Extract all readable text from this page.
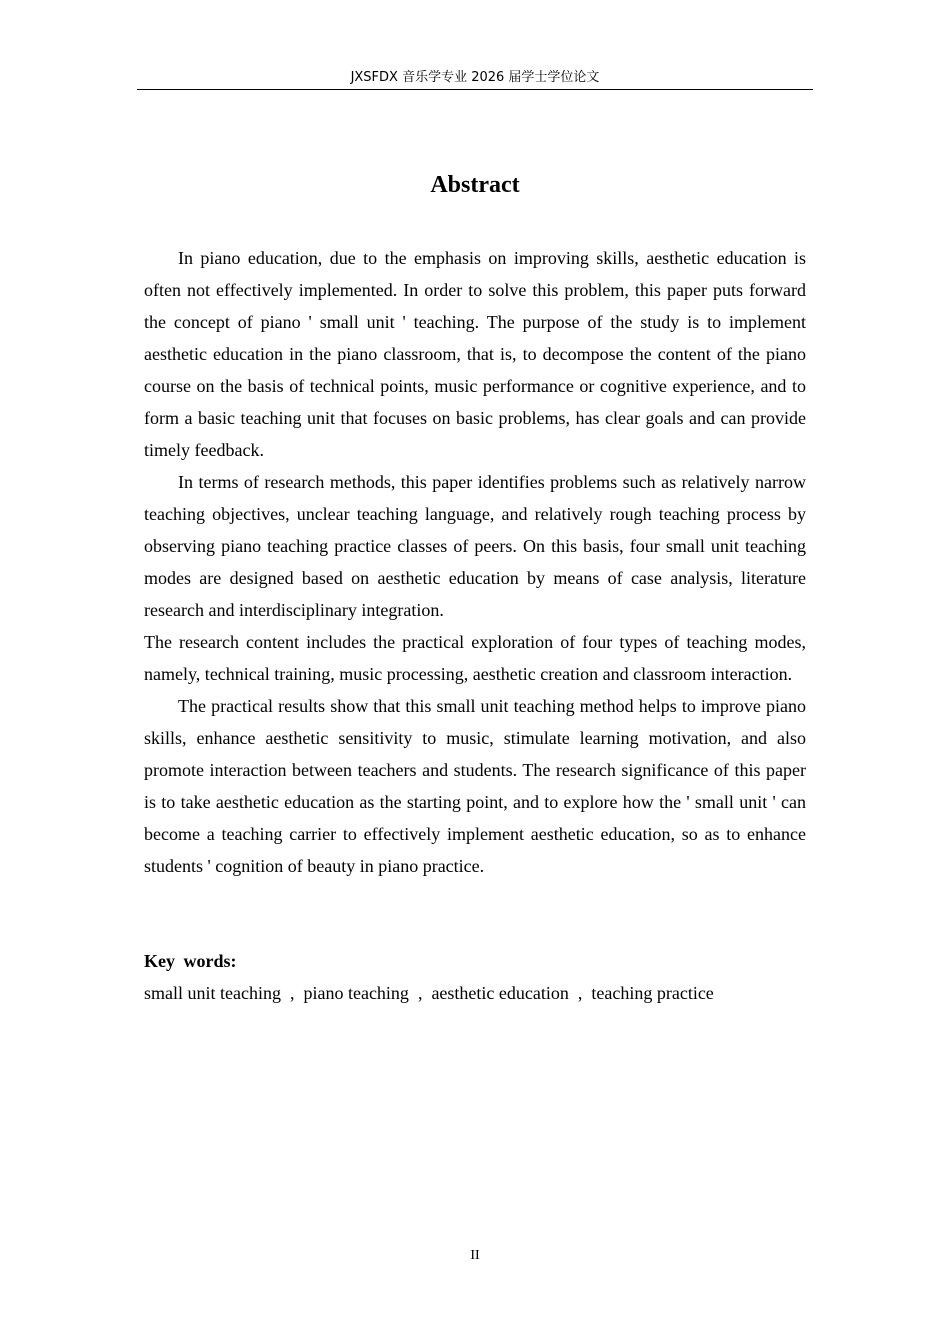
JXSFDX 音乐学专业 2026 届学士学位论文
Abstract

In piano education, due to the emphasis on improving skills, aesthetic education is often not effectively implemented. In order to solve this problem, this paper puts forward the concept of piano ' small unit ' teaching. The purpose of the study is to implement aesthetic education in the piano classroom, that is, to decompose the content of the piano course on the basis of technical points, music performance or cognitive experience, and to form a basic teaching unit that focuses on basic problems, has clear goals and can provide timely feedback.

In terms of research methods, this paper identifies problems such as relatively narrow teaching objectives, unclear teaching language, and relatively rough teaching process by observing piano teaching practice classes of peers. On this basis, four small unit teaching modes are designed based on aesthetic education by means of case analysis, literature research and interdisciplinary integration.

The research content includes the practical exploration of four types of teaching modes, namely, technical training, music processing, aesthetic creation and classroom interaction.

The practical results show that this small unit teaching method helps to improve piano skills, enhance aesthetic sensitivity to music, stimulate learning motivation, and also promote interaction between teachers and students. The research significance of this paper is to take aesthetic education as the starting point, and to explore how the ' small unit ' can become a teaching carrier to effectively implement aesthetic education, so as to enhance students ' cognition of beauty in piano practice.

Key words:
small unit teaching , piano teaching , aesthetic education , teaching practice
II
